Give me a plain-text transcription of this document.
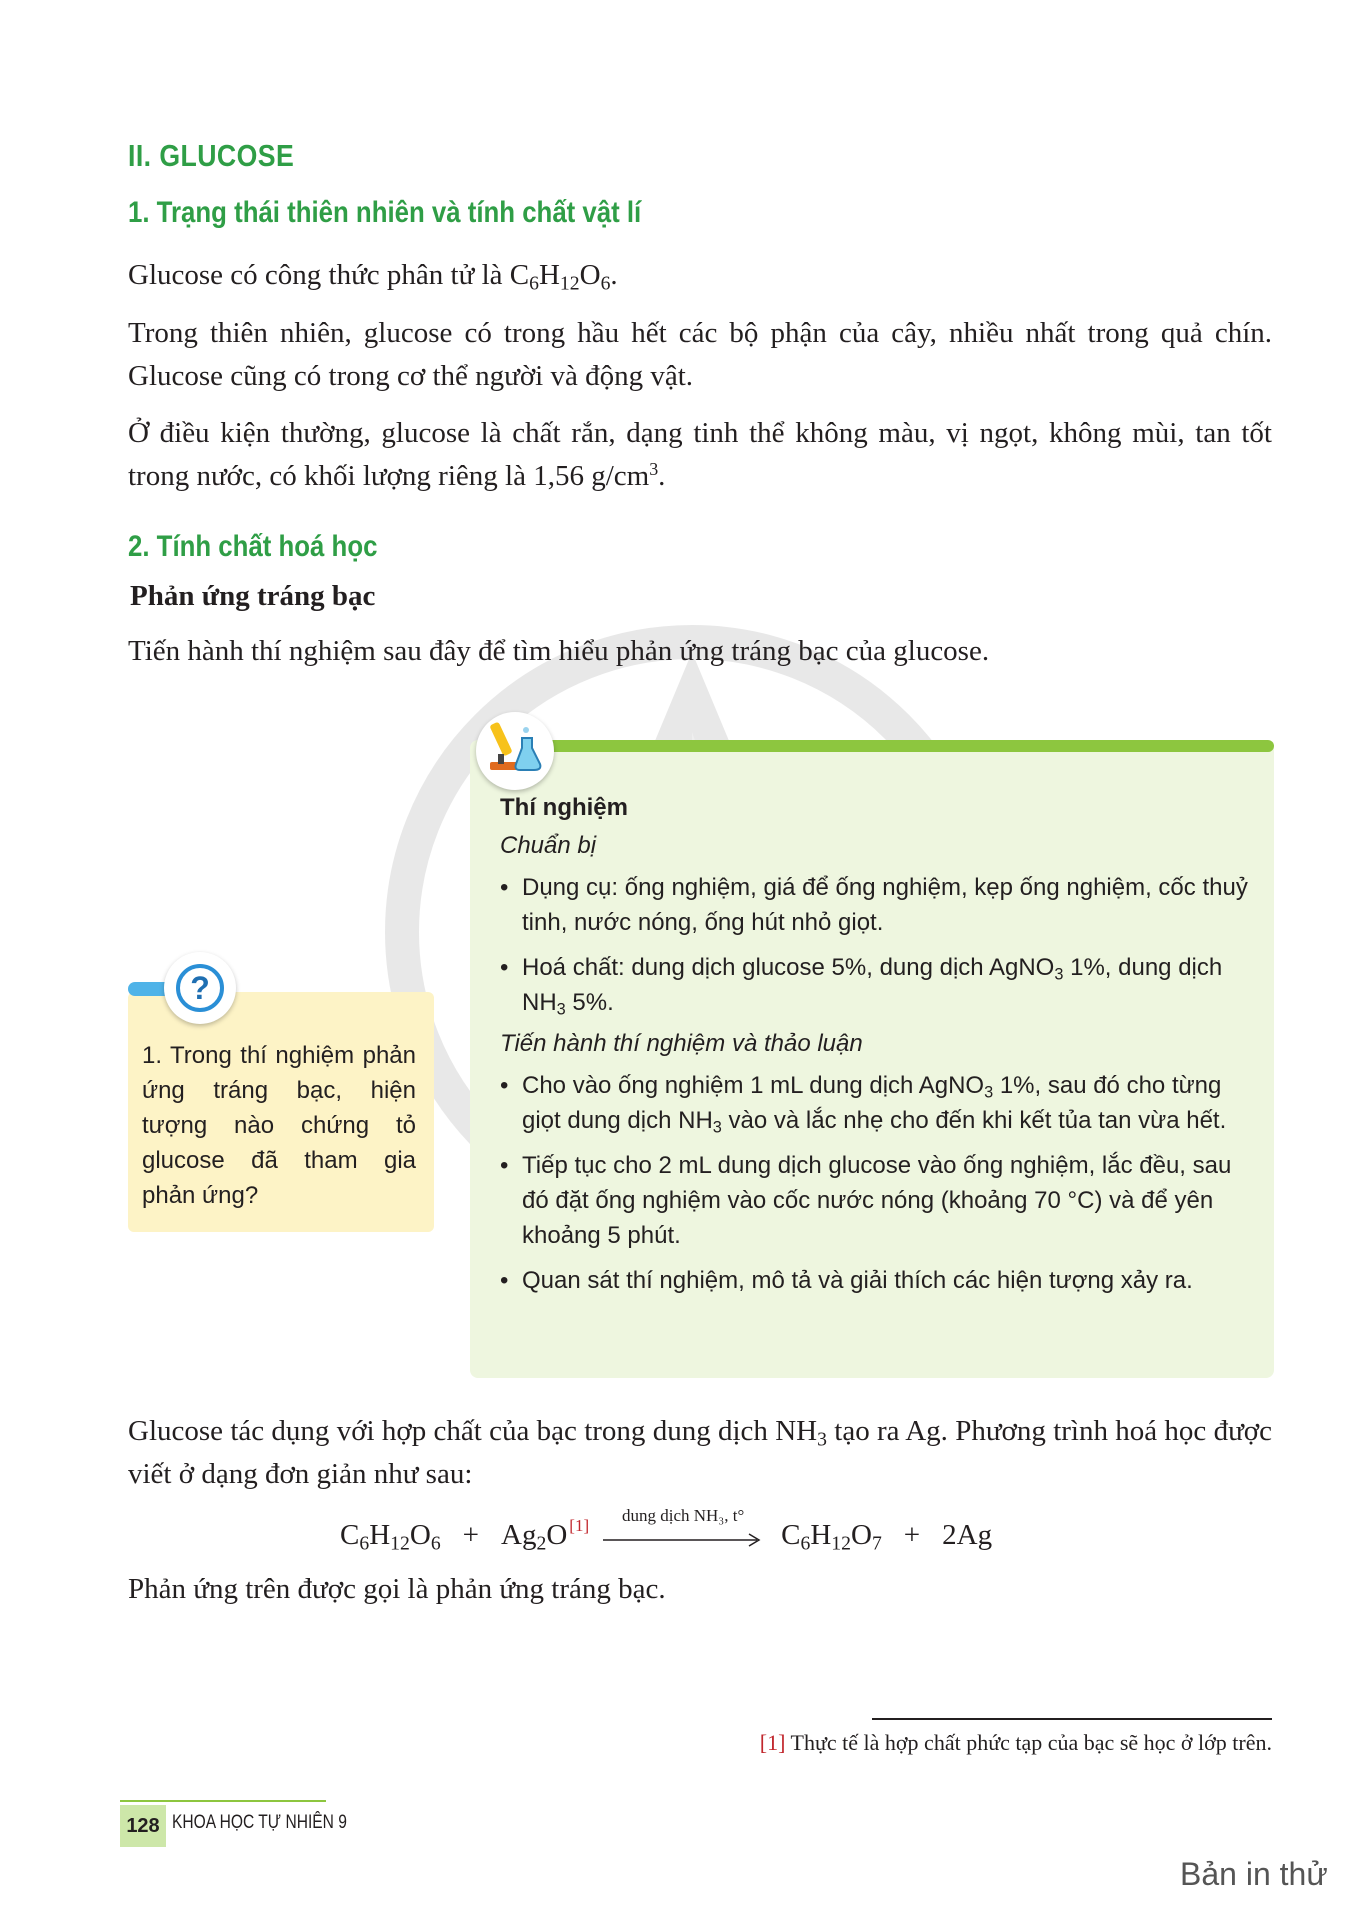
II. GLUCOSE
1. Trạng thái thiên nhiên và tính chất vật lí
Glucose có công thức phân tử là $C_6H_{12}O_6$.
Trong thiên nhiên, glucose có trong hầu hết các bộ phận của cây, nhiều nhất trong quả chín. Glucose cũng có trong cơ thể người và động vật.
Ở điều kiện thường, glucose là chất rắn, dạng tinh thể không màu, vị ngọt, không mùi, tan tốt trong nước, có khối lượng riêng là 1,56 $g/cm^3$.
2. Tính chất hoá học
Phản ứng tráng bạc
Tiến hành thí nghiệm sau đây để tìm hiểu phản ứng tráng bạc của glucose.
Thí nghiệm
Chuẩn bị
• Dụng cụ: ống nghiệm, giá để ống nghiệm, kẹp ống nghiệm, cốc thuỷ tinh, nước nóng, ống hút nhỏ giọt.
• Hoá chất: dung dịch glucose 5%, dung dịch AgNO$_3$ 1%, dung dịch $NH_3$ 5%.
Tiến hành thí nghiệm và thảo luận
• Cho vào ống nghiệm 1 mL dung dịch AgNO$_3$ 1%, sau đó cho từng giọt dung dịch $NH_3$ vào và lắc nhẹ cho đến khi kết tủa tan vừa hết.
• Tiếp tục cho 2 mL dung dịch glucose vào ống nghiệm, lắc đều, sau đó đặt ống nghiệm vào cốc nước nóng (khoảng 70 °C) và để yên khoảng 5 phút.
• Quan sát thí nghiệm, mô tả và giải thích các hiện tượng xảy ra.
?
1. Trong thí nghiệm phản ứng tráng bạc, hiện tượng nào chứng tỏ glucose đã tham gia phản ứng?
Glucose tác dụng với hợp chất của bạc trong dung dịch $NH_3$ tạo ra Ag. Phương trình hoá học được viết ở dạng đơn giản như sau:
$C_6H_{12}O_6 + Ag_2O$ [1]
dung dịch NH₃, t°
$C_6H_{12}O_7 + 2Ag$
Phản ứng trên được gọi là phản ứng tráng bạc.
[1] Thực tế là hợp chất phức tạp của bạc sẽ học ở lớp trên.
128 KHOA HỌC TỰ NHIÊN 9
Bản in thử
